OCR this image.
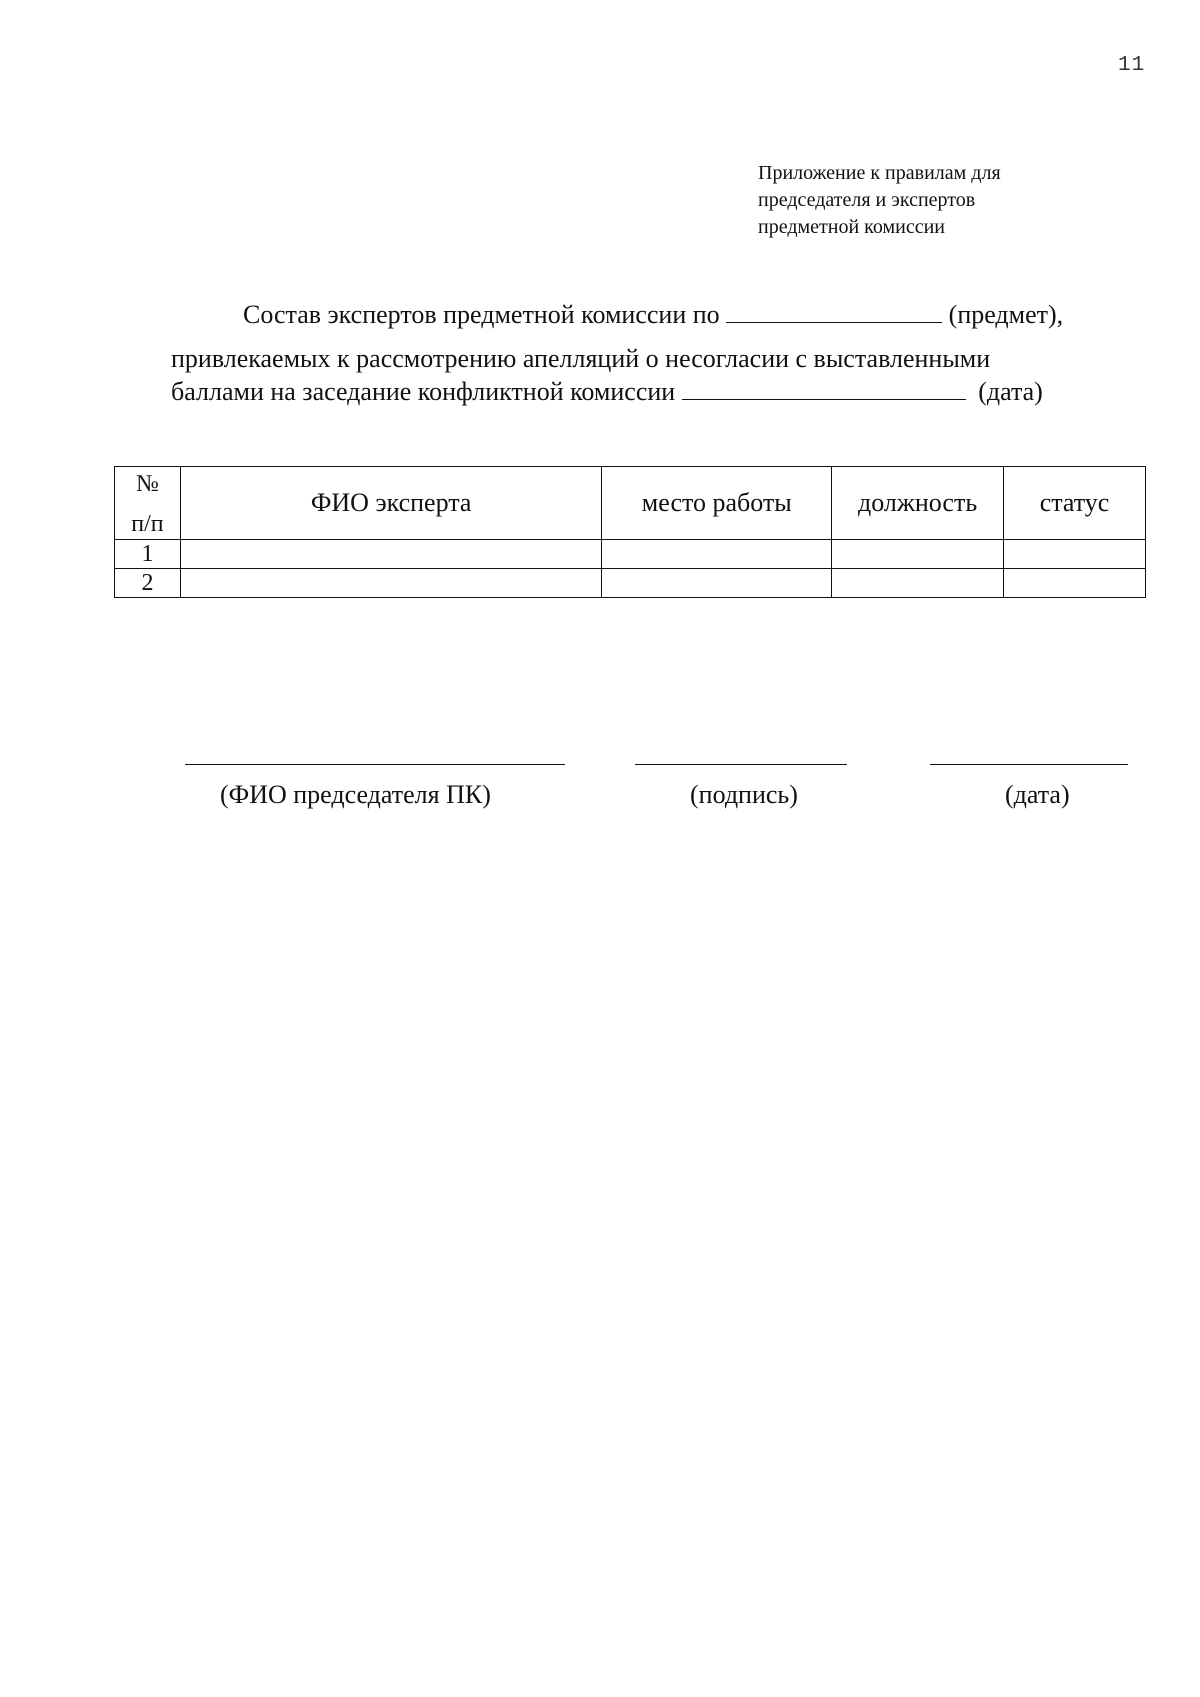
11
Приложение к правилам для
председателя и экспертов
предметной комиссии
Состав экспертов предметной комиссии по	(предмет),
привлекаемых к рассмотрению апелляций о несогласии с выставленными
баллами на заседание конфликтной комиссии	(дата)
№
п/п	ФИО эксперта	место работы	должность	статус
1				
2				
(ФИО председателя ПК)	(подпись)	(дата)
